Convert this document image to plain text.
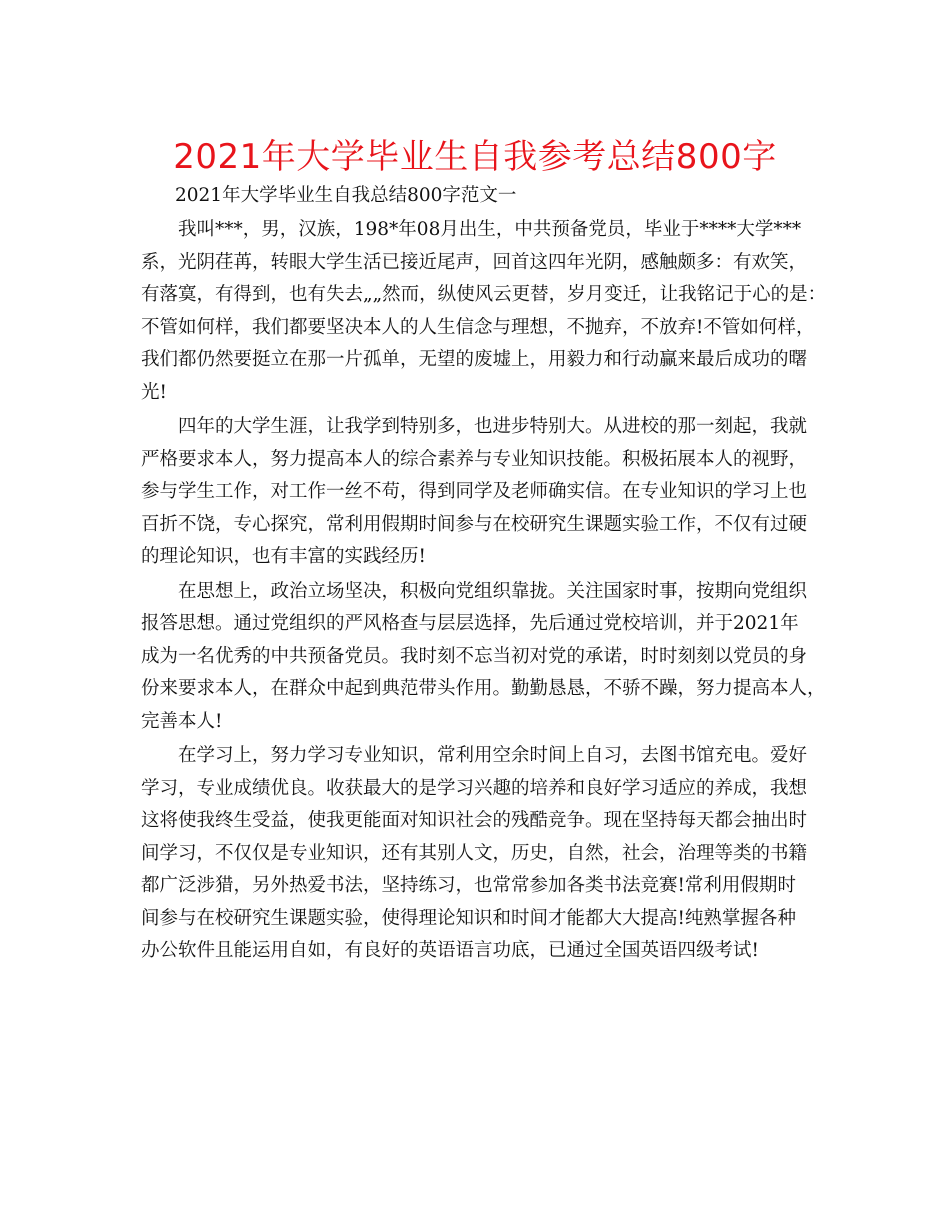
2021年大学毕业生自我参考总结800字

2021年大学毕业生自我总结800字范文一

我叫***，男，汉族，198*年08月出生，中共预备党员，毕业于****大学***
系，光阴荏苒，转眼大学生活已接近尾声，回首这四年光阴，感触颇多：有欢笑，
有落寞，有得到，也有失去„„然而，纵使风云更替，岁月变迁，让我铭记于心的是：
不管如何样，我们都要坚决本人的人生信念与理想，不抛弃，不放弃!不管如何样，
我们都仍然要挺立在那一片孤单，无望的废墟上，用毅力和行动赢来最后成功的曙
光!
四年的大学生涯，让我学到特别多，也进步特别大。从进校的那一刻起，我就
严格要求本人，努力提高本人的综合素养与专业知识技能。积极拓展本人的视野，
参与学生工作，对工作一丝不苟，得到同学及老师确实信。在专业知识的学习上也
百折不饶，专心探究，常利用假期时间参与在校研究生课题实验工作，不仅有过硬
的理论知识，也有丰富的实践经历!
在思想上，政治立场坚决，积极向党组织靠拢。关注国家时事，按期向党组织
报答思想。通过党组织的严风格查与层层选择，先后通过党校培训，并于2021年
成为一名优秀的中共预备党员。我时刻不忘当初对党的承诺，时时刻刻以党员的身
份来要求本人，在群众中起到典范带头作用。勤勤恳恳，不骄不躁，努力提高本人，
完善本人!
在学习上，努力学习专业知识，常利用空余时间上自习，去图书馆充电。爱好
学习，专业成绩优良。收获最大的是学习兴趣的培养和良好学习适应的养成，我想
这将使我终生受益，使我更能面对知识社会的残酷竞争。现在坚持每天都会抽出时
间学习，不仅仅是专业知识，还有其别人文，历史，自然，社会，治理等类的书籍
都广泛涉猎，另外热爱书法，坚持练习，也常常参加各类书法竞赛!常利用假期时
间参与在校研究生课题实验，使得理论知识和时间才能都大大提高!纯熟掌握各种
办公软件且能运用自如，有良好的英语语言功底，已通过全国英语四级考试!
